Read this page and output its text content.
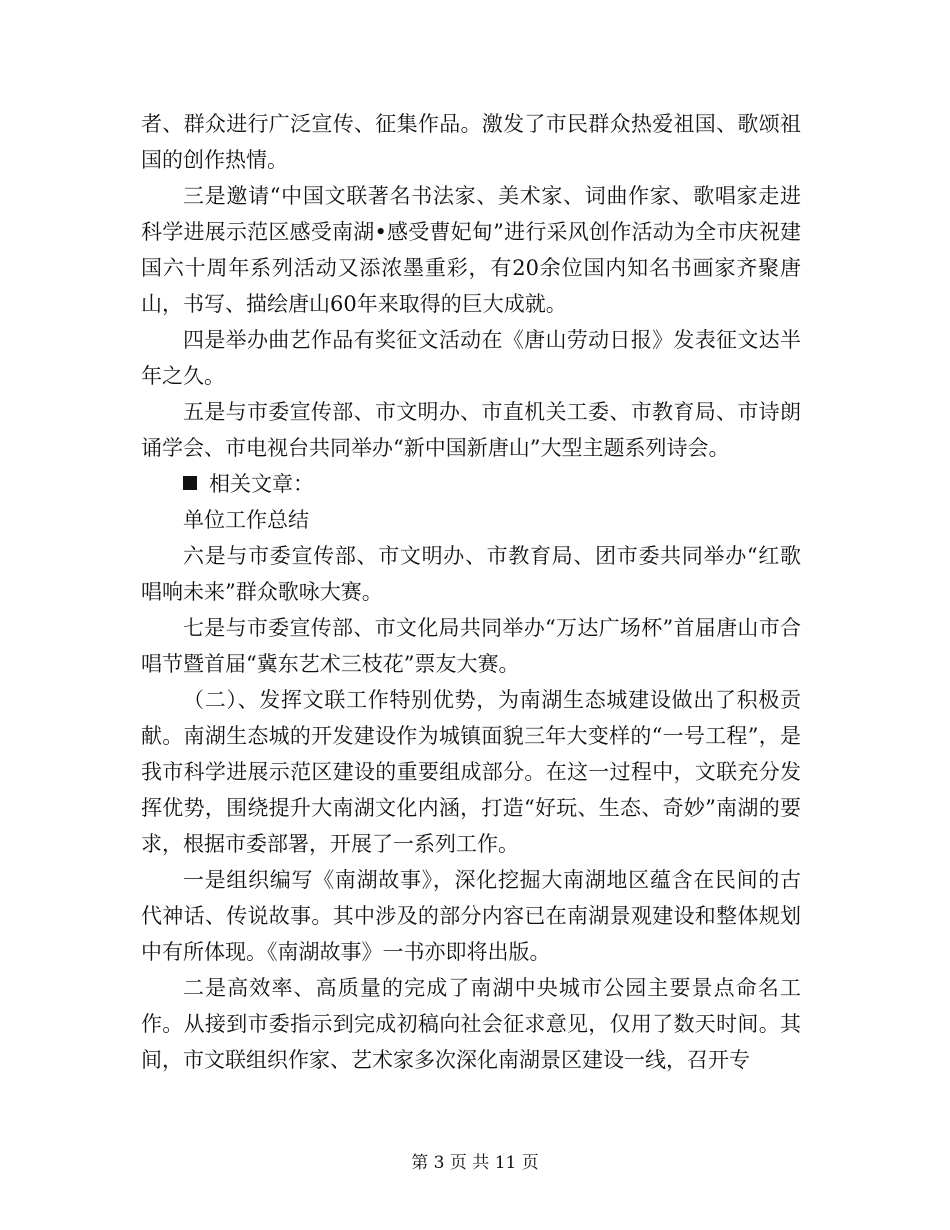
者、群众进行广泛宣传、征集作品。激发了市民群众热爱祖国、歌颂祖国的创作热情。

三是邀请“中国文联著名书法家、美术家、词曲作家、歌唱家走进科学进展示范区感受南湖•感受曹妃甸”进行采风创作活动为全市庆祝建国六十周年系列活动又添浓墨重彩，有20余位国内知名书画家齐聚唐山，书写、描绘唐山60年来取得的巨大成就。

四是举办曲艺作品有奖征文活动在《唐山劳动日报》发表征文达半年之久。

五是与市委宣传部、市文明办、市直机关工委、市教育局、市诗朗诵学会、市电视台共同举办“新中国新唐山”大型主题系列诗会。

相关文章：

单位工作总结

六是与市委宣传部、市文明办、市教育局、团市委共同举办“红歌唱响未来”群众歌咏大赛。

七是与市委宣传部、市文化局共同举办“万达广场杯”首届唐山市合唱节暨首届“冀东艺术三枝花”票友大赛。

（二）、发挥文联工作特别优势，为南湖生态城建设做出了积极贡献。南湖生态城的开发建设作为城镇面貌三年大变样的“一号工程”，是我市科学进展示范区建设的重要组成部分。在这一过程中，文联充分发挥优势，围绕提升大南湖文化内涵，打造“好玩、生态、奇妙”南湖的要求，根据市委部署，开展了一系列工作。

一是组织编写《南湖故事》，深化挖掘大南湖地区蕴含在民间的古代神话、传说故事。其中涉及的部分内容已在南湖景观建设和整体规划中有所体现。《南湖故事》一书亦即将出版。

二是高效率、高质量的完成了南湖中央城市公园主要景点命名工作。从接到市委指示到完成初稿向社会征求意见，仅用了数天时间。其间，市文联组织作家、艺术家多次深化南湖景区建设一线，召开专

第 3 页 共 11 页
